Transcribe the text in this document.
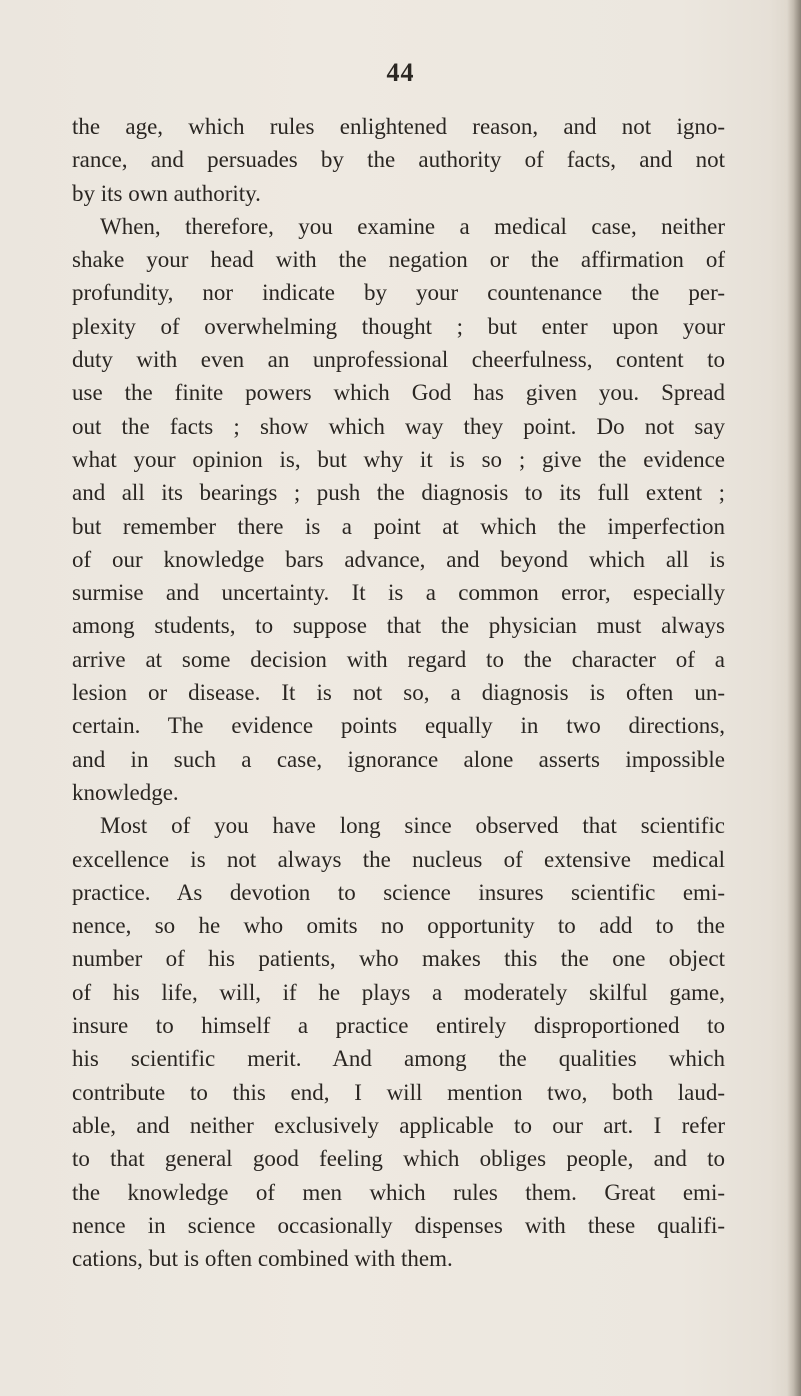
44
the age, which rules enlightened reason, and not igno-
rance, and persuades by the authority of facts, and not
by its own authority.
When, therefore, you examine a medical case, neither
shake your head with the negation or the affirmation of
profundity, nor indicate by your countenance the per-
plexity of overwhelming thought ; but enter upon your
duty with even an unprofessional cheerfulness, content to
use the finite powers which God has given you. Spread
out the facts ; show which way they point. Do not say
what your opinion is, but why it is so ; give the evidence
and all its bearings ; push the diagnosis to its full extent ;
but remember there is a point at which the imperfection
of our knowledge bars advance, and beyond which all is
surmise and uncertainty. It is a common error, especially
among students, to suppose that the physician must always
arrive at some decision with regard to the character of a
lesion or disease. It is not so, a diagnosis is often un-
certain. The evidence points equally in two directions,
and in such a case, ignorance alone asserts impossible
knowledge.
Most of you have long since observed that scientific
excellence is not always the nucleus of extensive medical
practice. As devotion to science insures scientific emi-
nence, so he who omits no opportunity to add to the
number of his patients, who makes this the one object
of his life, will, if he plays a moderately skilful game,
insure to himself a practice entirely disproportioned to
his scientific merit. And among the qualities which
contribute to this end, I will mention two, both laud-
able, and neither exclusively applicable to our art. I refer
to that general good feeling which obliges people, and to
the knowledge of men which rules them. Great emi-
nence in science occasionally dispenses with these qualifi-
cations, but is often combined with them.
